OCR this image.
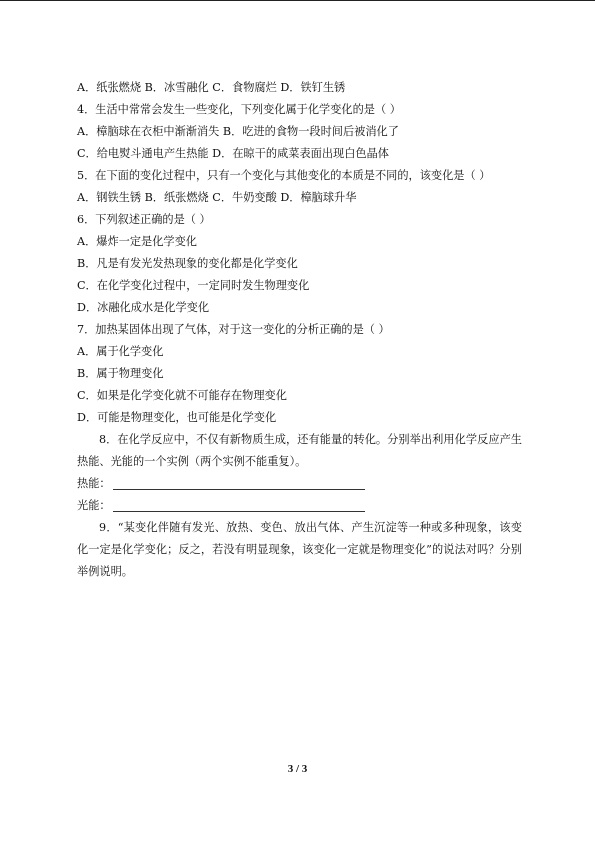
A．纸张燃烧 B．冰雪融化 C．食物腐烂 D．铁钉生锈
4．生活中常常会发生一些变化，下列变化属于化学变化的是（ ）
A．樟脑球在衣柜中渐渐消失 B．吃进的食物一段时间后被消化了
C．给电熨斗通电产生热能 D．在晾干的咸菜表面出现白色晶体
5．在下面的变化过程中，只有一个变化与其他变化的本质是不同的，该变化是（ ）
A．钢铁生锈 B．纸张燃烧 C．牛奶变酸 D．樟脑球升华
6．下列叙述正确的是（ ）
A．爆炸一定是化学变化
B．凡是有发光发热现象的变化都是化学变化
C．在化学变化过程中，一定同时发生物理变化
D．冰融化成水是化学变化
7．加热某固体出现了气体，对于这一变化的分析正确的是（ ）
A．属于化学变化
B．属于物理变化
C．如果是化学变化就不可能存在物理变化
D．可能是物理变化，也可能是化学变化
8．在化学反应中，不仅有新物质生成，还有能量的转化。分别举出利用化学反应产生热能、光能的一个实例（两个实例不能重复）。
热能：
光能：
9．“某变化伴随有发光、放热、变色、放出气体、产生沉淀等一种或多种现象，该变化一定是化学变化；反之，若没有明显现象，该变化一定就是物理变化”的说法对吗？分别举例说明。
3 / 3
